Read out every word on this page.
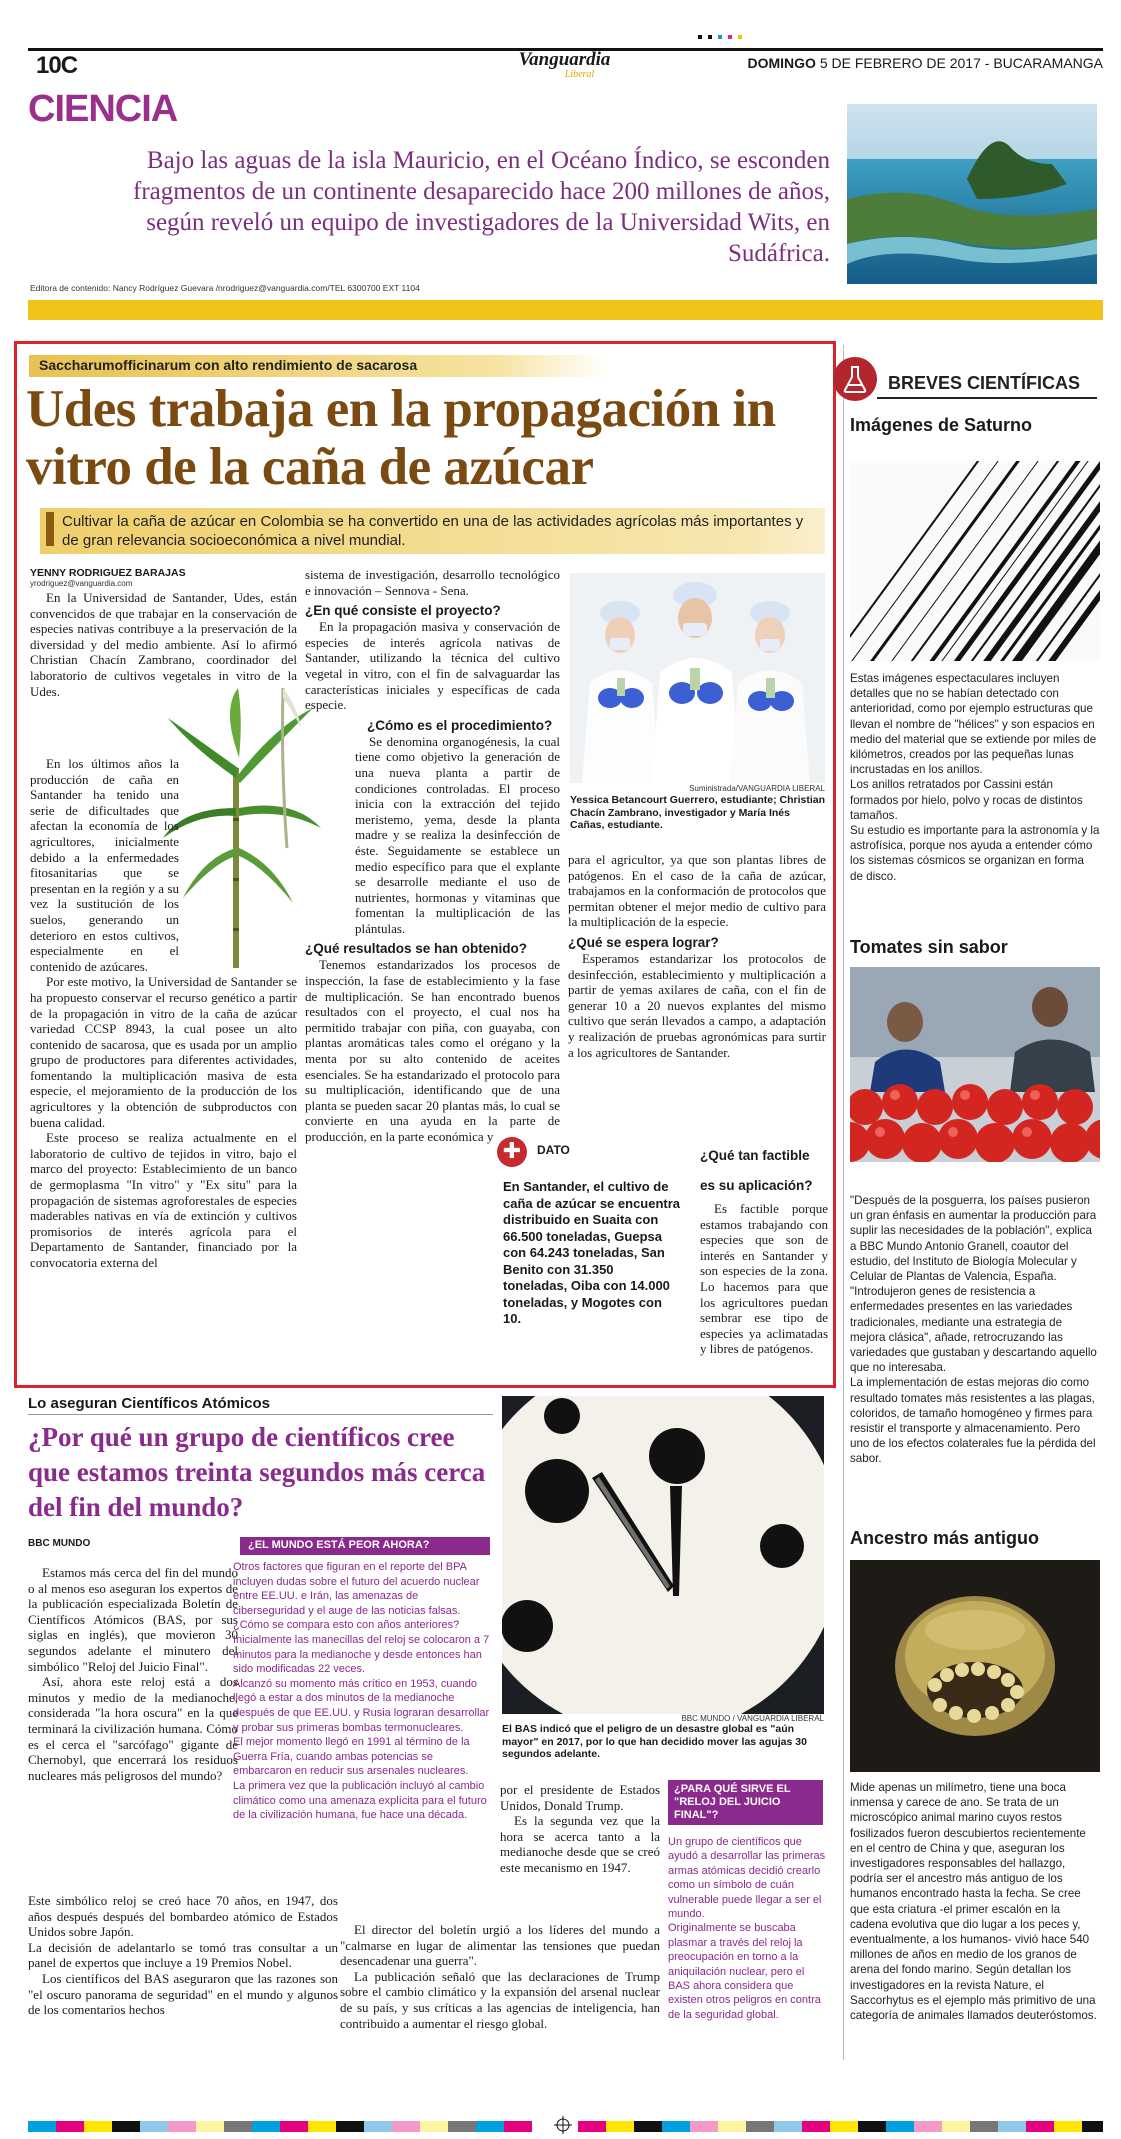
10C	Vanguardia
Liberal
DOMINGO 5 DE FEBRERO DE 2017 - BUCARAMANGA
CIENCIA
Bajo las aguas de la isla Mauricio, en el Océano Índico, se esconden fragmentos de un continente desaparecido hace 200 millones de años, según reveló un equipo de investigadores de la Universidad Wits, en Sudáfrica.
Editora de contenido: Nancy Rodríguez Guevara /nrodriguez@vanguardia.com/TEL 6300700 EXT 1104
Saccharumofficinarum con alto rendimiento de sacarosa
Udes trabaja en la propagación in vitro de la caña de azúcar
Cultivar la caña de azúcar en Colombia se ha convertido en una de las actividades agrícolas más importantes y de gran relevancia socioeconómica a nivel mundial.
YENNY RODRIGUEZ BARAJAS
yrodriguez@vanguardia.com

En la Universidad de Santander, Udes, están convencidos de que trabajar en la conservación de especies nativas contribuye a la preservación de la diversidad y del medio ambiente. Así lo afirmó Christian Chacín Zambrano, coordinador del laboratorio de cultivos vegetales in vitro de la Udes.

En los últimos años la producción de caña en Santander ha tenido una serie de dificultades que afectan la economía de los agricultores, inicialmente debido a la enfermedades fitosanitarias que se presentan en la región y a su vez la sustitución de los suelos, generando un deterioro en estos cultivos, especialmente en el contenido de azúcares.

Por este motivo, la Universidad de Santander se ha propuesto conservar el recurso genético a partir de la propagación in vitro de la caña de azúcar variedad CCSP 8943, la cual posee un alto contenido de sacarosa, que es usada por un amplio grupo de productores para diferentes actividades, fomentando la multiplicación masiva de esta especie, el mejoramiento de la producción de los agricultores y la obtención de subproductos con buena calidad.

Este proceso se realiza actualmente en el laboratorio de cultivo de tejidos in vitro, bajo el marco del proyecto: Establecimiento de un banco de germoplasma "In vitro" y "Ex situ" para la propagación de sistemas agroforestales de especies maderables nativas en vía de extinción y cultivos promisorios de interés agrícola para el Departamento de Santander, financiado por la convocatoria externa del

sistema de investigación, desarrollo tecnológico e innovación – Sennova - Sena.

¿En qué consiste el proyecto?

En la propagación masiva y conservación de especies de interés agrícola nativas de Santander, utilizando la técnica del cultivo vegetal in vitro, con el fin de salvaguardar las características iniciales y específicas de cada especie.

¿Cómo es el procedimiento?

Se denomina organogénesis, la cual tiene como objetivo la generación de una nueva planta a partir de condiciones controladas. El proceso inicia con la extracción del tejido meristemo, yema, desde la planta madre y se realiza la desinfección de éste. Seguidamente se establece un medio específico para que el explante se desarrolle mediante el uso de nutrientes, hormonas y vitaminas que fomentan la multiplicación de las plántulas.

¿Qué resultados se han obtenido?

Tenemos estandarizados los procesos de inspección, la fase de establecimiento y la fase de multiplicación. Se han encontrado buenos resultados con el proyecto, el cual nos ha permitido trabajar con piña, con guayaba, con plantas aromáticas tales como el orégano y la menta por su alto contenido de aceites esenciales. Se ha estandarizado el protocolo para su multiplicación, identificando que de una planta se pueden sacar 20 plantas más, lo cual se convierte en una ayuda en la parte de producción, en la parte económica y

Suministrada/VANGUARDIA LIBERAL
Yessica Betancourt Guerrero, estudiante; Christian Chacín Zambrano, investigador y María Inés Cañas, estudiante.

para el agricultor, ya que son plantas libres de patógenos. En el caso de la caña de azúcar, trabajamos en la conformación de protocolos que permitan obtener el mejor medio de cultivo para la multiplicación de la especie.

¿Qué se espera lograr?

Esperamos estandarizar los protocolos de desinfección, establecimiento y multiplicación a partir de yemas axilares de caña, con el fin de generar 10 a 20 nuevos explantes del mismo cultivo que serán llevados a campo, a adaptación y realización de pruebas agronómicas para surtir a los agricultores de Santander.

✚	DATO
En Santander, el cultivo de caña de azúcar se encuentra distribuido en Suaita con 66.500 toneladas, Guepsa con 64.243 toneladas, San Benito con 31.350 toneladas, Oiba con 14.000 toneladas, y Mogotes con 10.
¿Qué tan factible es su aplicación?

Es factible porque estamos trabajando con especies que son de interés en Santander y son especies de la zona. Lo hacemos para que los agricultores puedan sembrar ese tipo de especies ya aclimatadas y libres de patógenos.

BREVES CIENTÍFICAS
Imágenes de Saturno

Estas imágenes espectaculares incluyen detalles que no se habían detectado con anterioridad, como por ejemplo estructuras que llevan el nombre de "hélices" y son espacios en medio del material que se extiende por miles de kilómetros, creados por las pequeñas lunas incrustadas en los anillos.

Los anillos retratados por Cassini están formados por hielo, polvo y rocas de distintos tamaños.

Su estudio es importante para la astronomía y la astrofísica, porque nos ayuda a entender cómo los sistemas cósmicos se organizan en forma de disco.

Tomates sin sabor

"Después de la posguerra, los países pusieron un gran énfasis en aumentar la producción para suplir las necesidades de la población", explica a BBC Mundo Antonio Granell, coautor del estudio, del Instituto de Biología Molecular y Celular de Plantas de Valencia, España.

"Introdujeron genes de resistencia a enfermedades presentes en las variedades tradicionales, mediante una estrategia de mejora clásica", añade, retrocruzando las variedades que gustaban y descartando aquello que no interesaba.

La implementación de estas mejoras dio como resultado tomates más resistentes a las plagas, coloridos, de tamaño homogéneo y firmes para resistir el transporte y almacenamiento. Pero uno de los efectos colaterales fue la pérdida del sabor.

Ancestro más antiguo

Mide apenas un milímetro, tiene una boca inmensa y carece de ano. Se trata de un microscópico animal marino cuyos restos fosilizados fueron descubiertos recientemente en el centro de China y que, aseguran los investigadores responsables del hallazgo, podría ser el ancestro más antiguo de los humanos encontrado hasta la fecha. Se cree que esta criatura -el primer escalón en la cadena evolutiva que dio lugar a los peces y, eventualmente, a los humanos- vivió hace 540 millones de años en medio de los granos de arena del fondo marino. Según detallan los investigadores en la revista Nature, el Saccorhytus es el ejemplo más primitivo de una categoría de animales llamados deuteróstomos.

Lo aseguran Científicos Atómicos
¿Por qué un grupo de científicos cree que estamos treinta segundos más cerca del fin del mundo?
BBC MUNDO

Estamos más cerca del fin del mundo o al menos eso aseguran los expertos de la publicación especializada Boletín de Científicos Atómicos (BAS, por sus siglas en inglés), que movieron 30 segundos adelante el minutero del simbólico "Reloj del Juicio Final".

Así, ahora este reloj está a dos minutos y medio de la medianoche, considerada "la hora oscura" en la que terminará la civilización humana. Cómo es el cerca el "sarcófago" gigante de Chernobyl, que encerrará los residuos nucleares más peligrosos del mundo?

Este simbólico reloj se creó hace 70 años, en 1947, dos años después después del bombardeo atómico de Estados Unidos sobre Japón.

La decisión de adelantarlo se tomó tras consultar a un panel de expertos que incluye a 19 Premios Nobel.

Los científicos del BAS aseguraron que las razones son "el oscuro panorama de seguridad" en el mundo y algunos de los comentarios hechos

¿EL MUNDO ESTÁ PEOR AHORA?

Otros factores que figuran en el reporte del BPA incluyen dudas sobre el futuro del acuerdo nuclear entre EE.UU. e Irán, las amenazas de ciberseguridad y el auge de las noticias falsas.

¿Cómo se compara esto con años anteriores? Inicialmente las manecillas del reloj se colocaron a 7 minutos para la medianoche y desde entonces han sido modificadas 22 veces.

Alcanzó su momento más crítico en 1953, cuando llegó a estar a dos minutos de la medianoche después de que EE.UU. y Rusia lograran desarrollar y probar sus primeras bombas termonucleares.

El mejor momento llegó en 1991 al término de la Guerra Fría, cuando ambas potencias se embarcaron en reducir sus arsenales nucleares.

La primera vez que la publicación incluyó al cambio climático como una amenaza explícita para el futuro de la civilización humana, fue hace una década.

BBC MUNDO / VANGUARDIA LIBERAL
El BAS indicó que el peligro de un desastre global es "aún mayor" en 2017, por lo que han decidido mover las agujas 30 segundos adelante.

por el presidente de Estados Unidos, Donald Trump.

Es la segunda vez que la hora se acerca tanto a la medianoche desde que se creó este mecanismo en 1947.

El director del boletín urgió a los líderes del mundo a "calmarse en lugar de alimentar las tensiones que puedan desencadenar una guerra".

La publicación señaló que las declaraciones de Trump sobre el cambio climático y la expansión del arsenal nuclear de su país, y sus críticas a las agencias de inteligencia, han contribuido a aumentar el riesgo global.

¿PARA QUÉ SIRVE EL "RELOJ DEL JUICIO FINAL"?

Un grupo de científicos que ayudó a desarrollar las primeras armas atómicas decidió crearlo como un símbolo de cuán vulnerable puede llegar a ser el mundo.

Originalmente se buscaba plasmar a través del reloj la preocupación en torno a la aniquilación nuclear, pero el BAS ahora considera que existen otros peligros en contra de la seguridad global.
